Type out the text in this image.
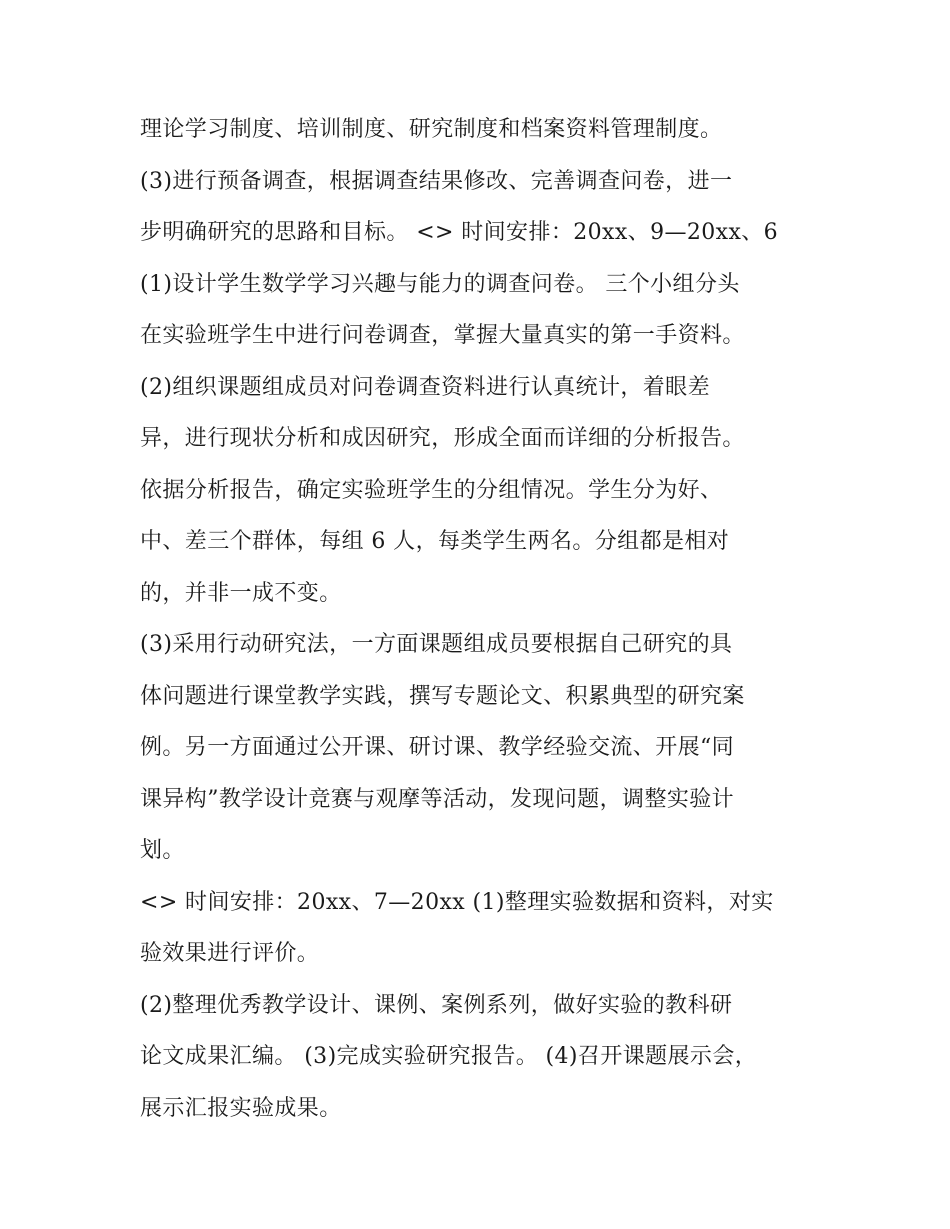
理论学习制度、培训制度、研究制度和档案资料管理制度。
(3)进行预备调查，根据调查结果修改、完善调查问卷，进一
步明确研究的思路和目标。 <> 时间安排：20xx、9—20xx、6
(1)设计学生数学学习兴趣与能力的调查问卷。 三个小组分头
在实验班学生中进行问卷调查，掌握大量真实的第一手资料。
(2)组织课题组成员对问卷调查资料进行认真统计，着眼差
异，进行现状分析和成因研究，形成全面而详细的分析报告。
依据分析报告，确定实验班学生的分组情况。学生分为好、
中、差三个群体，每组 6 人，每类学生两名。分组都是相对
的，并非一成不变。
(3)采用行动研究法，一方面课题组成员要根据自己研究的具
体问题进行课堂教学实践，撰写专题论文、积累典型的研究案
例。另一方面通过公开课、研讨课、教学经验交流、开展“同
课异构”教学设计竞赛与观摩等活动，发现问题，调整实验计
划。
<> 时间安排：20xx、7—20xx (1)整理实验数据和资料，对实
验效果进行评价。
(2)整理优秀教学设计、课例、案例系列，做好实验的教科研
论文成果汇编。 (3)完成实验研究报告。 (4)召开课题展示会，
展示汇报实验成果。
